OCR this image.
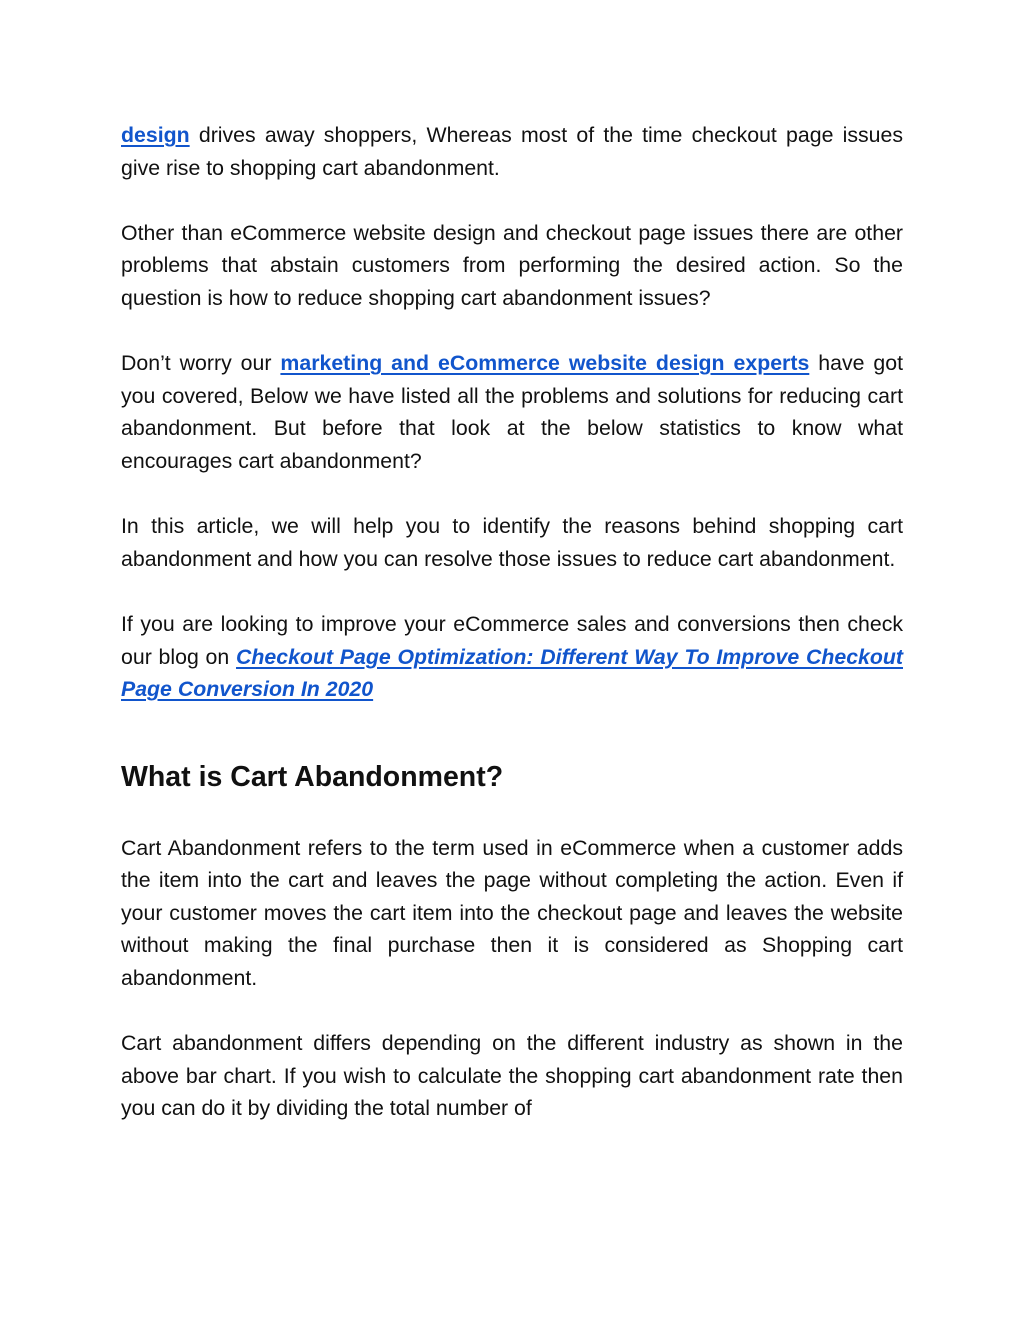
design drives away shoppers, Whereas most of the time checkout page issues give rise to shopping cart abandonment.

Other than eCommerce website design and checkout page issues there are other problems that abstain customers from performing the desired action. So the question is how to reduce shopping cart abandonment issues?

Don’t worry our marketing and eCommerce website design experts have got you covered, Below we have listed all the problems and solutions for reducing cart abandonment. But before that look at the below statistics to know what encourages cart abandonment?

In this article, we will help you to identify the reasons behind shopping cart abandonment and how you can resolve those issues to reduce cart abandonment.

If you are looking to improve your eCommerce sales and conversions then check our blog on Checkout Page Optimization: Different Way To Improve Checkout Page Conversion In 2020

What is Cart Abandonment?

Cart Abandonment refers to the term used in eCommerce when a customer adds the item into the cart and leaves the page without completing the action. Even if your customer moves the cart item into the checkout page and leaves the website without making the final purchase then it is considered as Shopping cart abandonment.

Cart abandonment differs depending on the different industry as shown in the above bar chart. If you wish to calculate the shopping cart abandonment rate then you can do it by dividing the total number of
